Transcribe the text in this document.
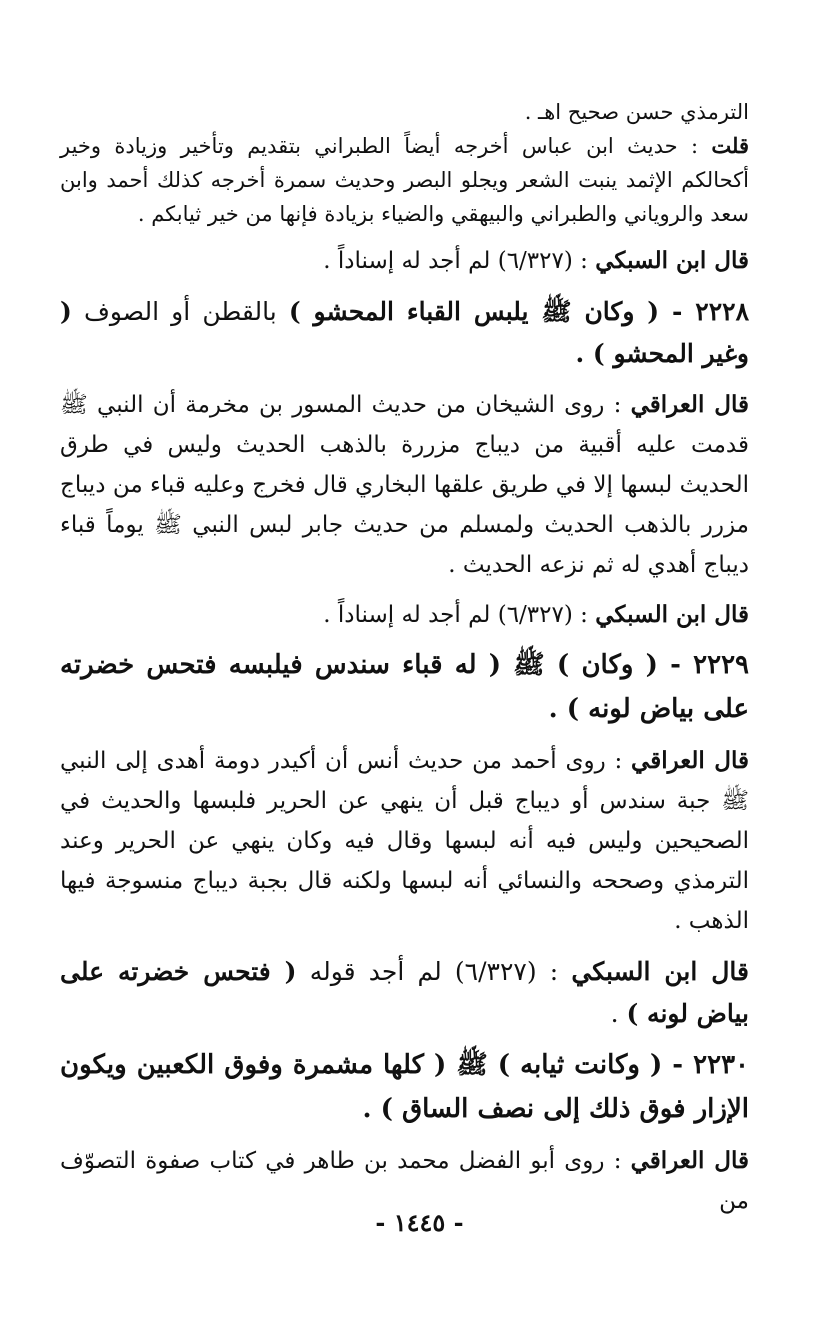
الترمذي حسن صحيح اهـ .

قلت : حديث ابن عباس أخرجه أيضاً الطبراني بتقديم وتأخير وزيادة وخير أكحالكم الإثمد ينبت الشعر ويجلو البصر وحديث سمرة أخرجه كذلك أحمد وابن سعد والروياني والطبراني والبيهقي والضياء بزيادة فإنها من خير ثيابكم .

قال ابن السبكي : (٦/٣٢٧) لم أجد له إسناداً .

٢٢٢٨ - ( وكان ﷺ يلبس القباء المحشو ) بالقطن أو الصوف ( وغير المحشو ) .

قال العراقي : روى الشيخان من حديث المسور بن مخرمة أن النبي ﷺ قدمت عليه أقبية من ديباج مزررة بالذهب الحديث وليس في طرق الحديث لبسها إلا في طريق علقها البخاري قال فخرج وعليه قباء من ديباج مزرر بالذهب الحديث ولمسلم من حديث جابر لبس النبي ﷺ يوماً قباء ديباج أهدي له ثم نزعه الحديث .

قال ابن السبكي : (٦/٣٢٧) لم أجد له إسناداً .

٢٢٢٩ - ( وكان ) ﷺ ( له قباء سندس فيلبسه فتحس خضرته على بياض لونه ) .

قال العراقي : روى أحمد من حديث أنس أن أكيدر دومة أهدى إلى النبي ﷺ جبة سندس أو ديباج قبل أن ينهي عن الحرير فلبسها والحديث في الصحيحين وليس فيه أنه لبسها وقال فيه وكان ينهي عن الحرير وعند الترمذي وصححه والنسائي أنه لبسها ولكنه قال بجبة ديباج منسوجة فيها الذهب .

قال ابن السبكي : (٦/٣٢٧) لم أجد قوله ( فتحس خضرته على بياض لونه ) .

٢٢٣٠ - ( وكانت ثيابه ) ﷺ ( كلها مشمرة وفوق الكعبين ويكون الإزار فوق ذلك إلى نصف الساق ) .

قال العراقي : روى أبو الفضل محمد بن طاهر في كتاب صفوة التصوّف من

- ١٤٤٥ -
